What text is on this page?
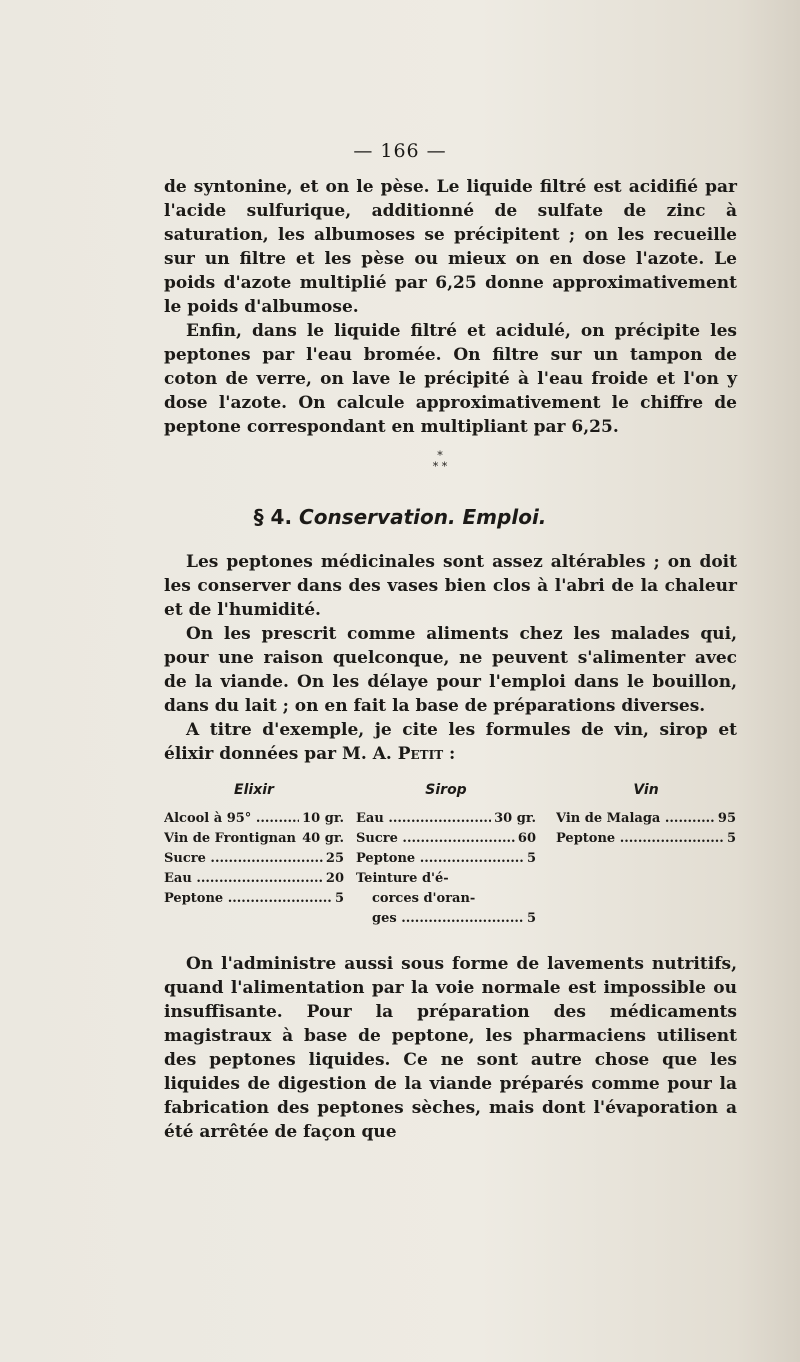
— 166 —

de syntonine, et on le pèse. Le liquide filtré est acidifié par l'acide sulfurique, additionné de sulfate de zinc à saturation, les albumoses se précipitent ; on les recueille sur un filtre et les pèse ou mieux on en dose l'azote. Le poids d'azote multiplié par 6,25 donne approximativement le poids d'albumose.

Enfin, dans le liquide filtré et acidulé, on précipite les peptones par l'eau bromée. On filtre sur un tampon de coton de verre, on lave le précipité à l'eau froide et l'on y dose l'azote. On calcule approximativement le chiffre de peptone correspondant en multipliant par 6,25.

*
* *
§ 4. Conservation. Emploi.

Les peptones médicinales sont assez altérables ; on doit les conserver dans des vases bien clos à l'abri de la chaleur et de l'humidité.

On les prescrit comme aliments chez les malades qui, pour une raison quelconque, ne peuvent s'alimenter avec de la viande. On les délaye pour l'emploi dans le bouillon, dans du lait ; on en fait la base de préparations diverses.

A titre d'exemple, je cite les formules de vin, sirop et élixir données par M. A. Petit :

Elixir
Alcool à 95° .....	10 gr.
Vin de Frontignan ..... 40 gr.
Sucre .....	25
Eau .....	20
Peptone .....	5
Sirop
Eau .....	30 gr.
Sucre .....	60
Peptone .....	5
Teinture d'é-
corces d'oran-
ges .....	5
Vin
Vin de Malaga .....	95
Peptone .....	5

On l'administre aussi sous forme de lavements nutritifs, quand l'alimentation par la voie normale est impossible ou insuffisante. Pour la préparation des médicaments magistraux à base de peptone, les pharmaciens utilisent des peptones liquides. Ce ne sont autre chose que les liquides de digestion de la viande préparés comme pour la fabrication des peptones sèches, mais dont l'évaporation a été arrêtée de façon que
